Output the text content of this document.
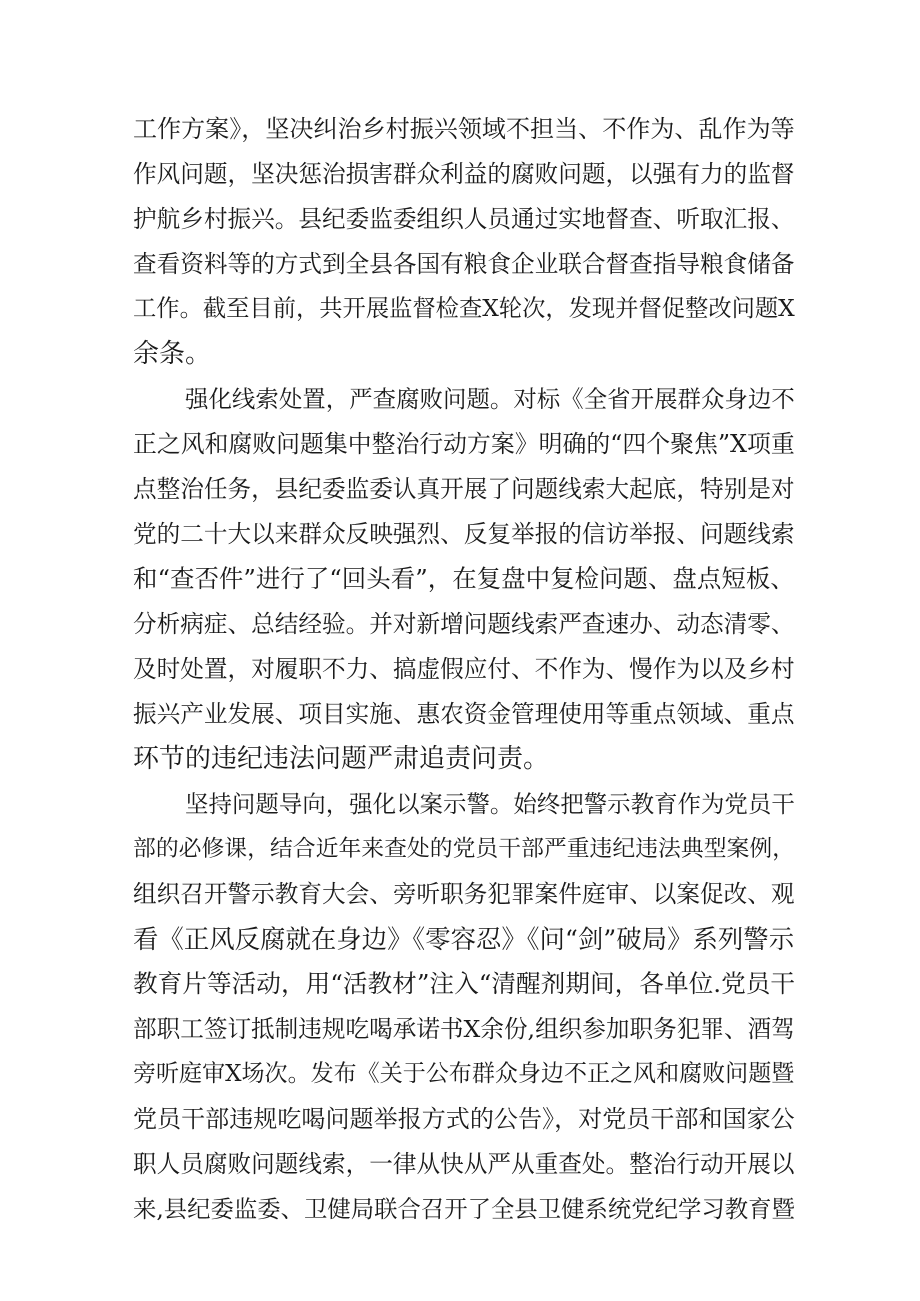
工作方案》，坚决纠治乡村振兴领域不担当、不作为、乱作为等

作风问题，坚决惩治损害群众利益的腐败问题，以强有力的监督

护航乡村振兴。县纪委监委组织人员通过实地督查、听取汇报、

查看资料等的方式到全县各国有粮食企业联合督查指导粮食储备

工作。截至目前，共开展监督检查X轮次，发现并督促整改问题X

余条。

强化线索处置，严查腐败问题。对标《全省开展群众身边不

正之风和腐败问题集中整治行动方案》明确的“四个聚焦”X项重

点整治任务，县纪委监委认真开展了问题线索大起底，特别是对

党的二十大以来群众反映强烈、反复举报的信访举报、问题线索

和“查否件”进行了“回头看”，在复盘中复检问题、盘点短板、

分析病症、总结经验。并对新增问题线索严查速办、动态清零、

及时处置，对履职不力、搞虚假应付、不作为、慢作为以及乡村

振兴产业发展、项目实施、惠农资金管理使用等重点领域、重点

环节的违纪违法问题严肃追责问责。

坚持问题导向，强化以案示警。始终把警示教育作为党员干

部的必修课，结合近年来查处的党员干部严重违纪违法典型案例，

组织召开警示教育大会、旁听职务犯罪案件庭审、以案促改、观

看《正风反腐就在身边》《零容忍》《问“剑”破局》系列警示

教育片等活动，用“活教材”注入“清醒剂期间，各单位.党员干

部职工签订抵制违规吃喝承诺书X余份,组织参加职务犯罪、酒驾

旁听庭审X场次。发布《关于公布群众身边不正之风和腐败问题暨

党员干部违规吃喝问题举报方式的公告》，对党员干部和国家公

职人员腐败问题线索，一律从快从严从重查处。整治行动开展以

来,县纪委监委、卫健局联合召开了全县卫健系统党纪学习教育暨
